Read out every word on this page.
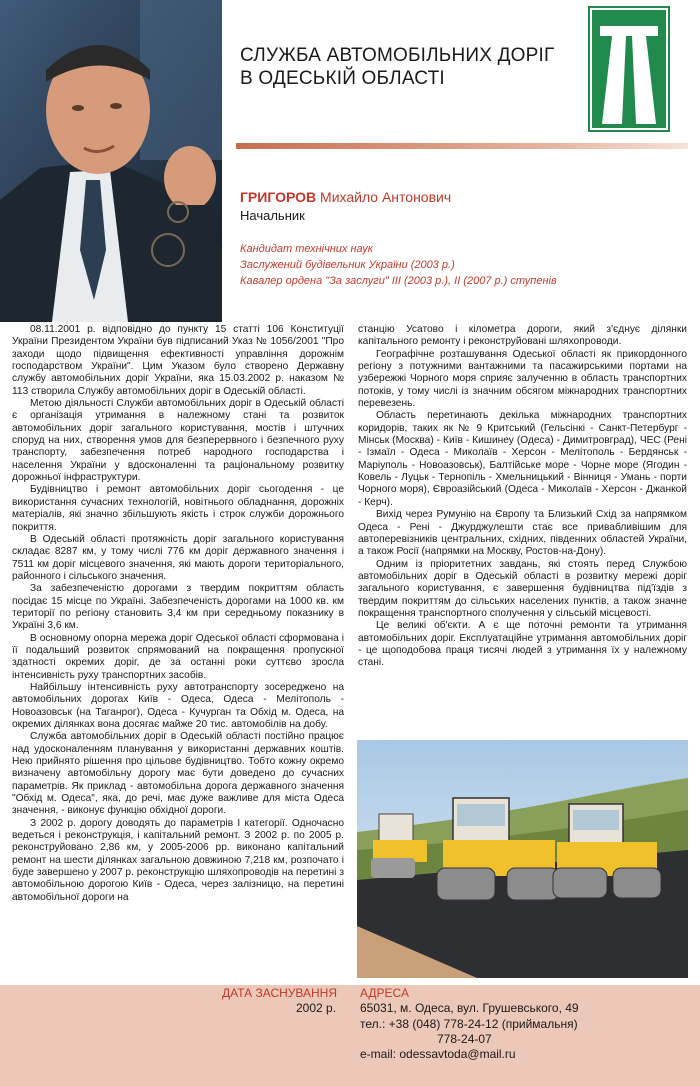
СЛУЖБА АВТОМОБІЛЬНИХ ДОРІГ
В ОДЕСЬКІЙ ОБЛАСТІ
ГРИГОРОВ Михайло Антонович
Начальник
Кандидат технічних наук
Заслужений будівельник України (2003 р.)
Кавалер ордена "За заслуги" ІІІ (2003 р.), ІІ (2007 р.) ступенів

08.11.2001 р. відповідно до пункту 15 статті 106 Конституції України Президентом України був підписаний Указ № 1056/2001 "Про заходи щодо підвищення ефективності управління дорожнім господарством України". Цим Указом було створено Державну службу автомобільних доріг України, яка 15.03.2002 р. наказом № 113 створила Службу автомобільних доріг в Одеській області.

Метою діяльності Служби автомобільних доріг в Одеській області є організація утримання в належному стані та розвиток автомобільних доріг загального користування, мостів і штучних споруд на них, створення умов для безперервного і безпечного руху транспорту, забезпечення потреб народного господарства і населення України у вдосконаленні та раціональному розвитку дорожньої інфраструктури.

Будівництво і ремонт автомобільних доріг сьогодення - це використання сучасних технологій, новітнього обладнання, дорожніх матеріалів, які значно збільшують якість і строк служби дорожнього покриття.

В Одеській області протяжність доріг загального користування складає 8287 км, у тому числі 776 км доріг державного значення і 7511 км доріг місцевого значення, які мають дороги територіального, районного і сільського значення.

За забезпеченістю дорогами з твердим покриттям область посідає 15 місце по Україні. Забезпеченість дорогами на 1000 кв. км території по регіону становить 3,4 км при середньому показнику в Україні 3,6 км.

В основному опорна мережа доріг Одеської області сформована і її подальший розвиток спрямований на покращення пропускної здатності окремих доріг, де за останні роки суттєво зросла інтенсивність руху транспортних засобів.

Найбільшу інтенсивність руху автотранспорту зосереджено на автомобільних дорогах Київ - Одеса, Одеса - Мелітополь - Новоазовськ (на Таганрог), Одеса - Кучурган та Обхід м. Одеса, на окремих ділянках вона досягає майже 20 тис. автомобілів на добу.

Служба автомобільних доріг в Одеській області постійно працює над удосконаленням планування у використанні державних коштів. Нею прийнято рішення про цільове будівництво. Тобто кожну окремо визначену автомобільну дорогу має бути доведено до сучасних параметрів. Як приклад - автомобільна дорога державного значення "Обхід м. Одеса", яка, до речі, має дуже важливе для міста Одеса значення, - виконує функцію обхідної дороги.

З 2002 р. дорогу доводять до параметрів І категорії. Одночасно ведеться і реконструкція, і капітальний ремонт. З 2002 р. по 2005 р. реконструйовано 2,86 км, у 2005-2006 рр. виконано капітальний ремонт на шести ділянках загальною довжиною 7,218 км, розпочато і буде завершено у 2007 р. реконструкцію шляхопроводів на перетині з автомобільною дорогою Київ - Одеса, через залізницю, на перетині автомобільної дороги на

станцію Усатово і кілометра дороги, який з'єднує ділянки капітального ремонту і реконструйовані шляхопроводи.

Географічне розташування Одеської області як прикордонного регіону з потужними вантажними та пасажирськими портами на узбережжі Чорного моря сприяє залученню в область транспортних потоків, у тому числі із значним обсягом міжнародних транспортних перевезень.

Область перетинають декілька міжнародних транспортних коридорів, таких як № 9 Критський (Гельсінкі - Санкт-Петербург - Мінськ (Москва) - Київ - Кишинеу (Одеса) - Димитровград), ЧЕС (Рені - Ізмаїл - Одеса - Миколаїв - Херсон - Мелітополь - Бердянськ - Маріуполь - Новоазовськ), Балтійське море - Чорне море (Ягодин - Ковель - Луцьк - Тернопіль - Хмельницький - Вінниця - Умань - порти Чорного моря), Євроазійський (Одеса - Миколаїв - Херсон - Джанкой - Керч).

Вихід через Румунію на Європу та Близький Схід за напрямком Одеса - Рені - Джурджулешти стає все привабливішим для автоперевізників центральних, східних, південних областей України, а також Росії (напрямки на Москву, Ростов-на-Дону).

Одним із пріоритетних завдань, які стоять перед Службою автомобільних доріг в Одеській області в розвитку мережі доріг загального користування, є завершення будівництва під'їздів з твердим покриттям до сільських населених пунктів, а також значне покращення транспортного сполучення у сільській місцевості.

Це великі об'єкти. А є ще поточні ремонти та утримання автомобільних доріг. Експлуатаційне утримання автомобільних доріг - це щоподобова праця тисячі людей з утримання їх у належному стані.

ДАТА ЗАСНУВАННЯ
2002 р.
АДРЕСА
65031, м. Одеса, вул. Грушевського, 49
тел.: +38 (048) 778-24-12 (приймальня)
778-24-07
e-mail: odessavtoda@mail.ru
